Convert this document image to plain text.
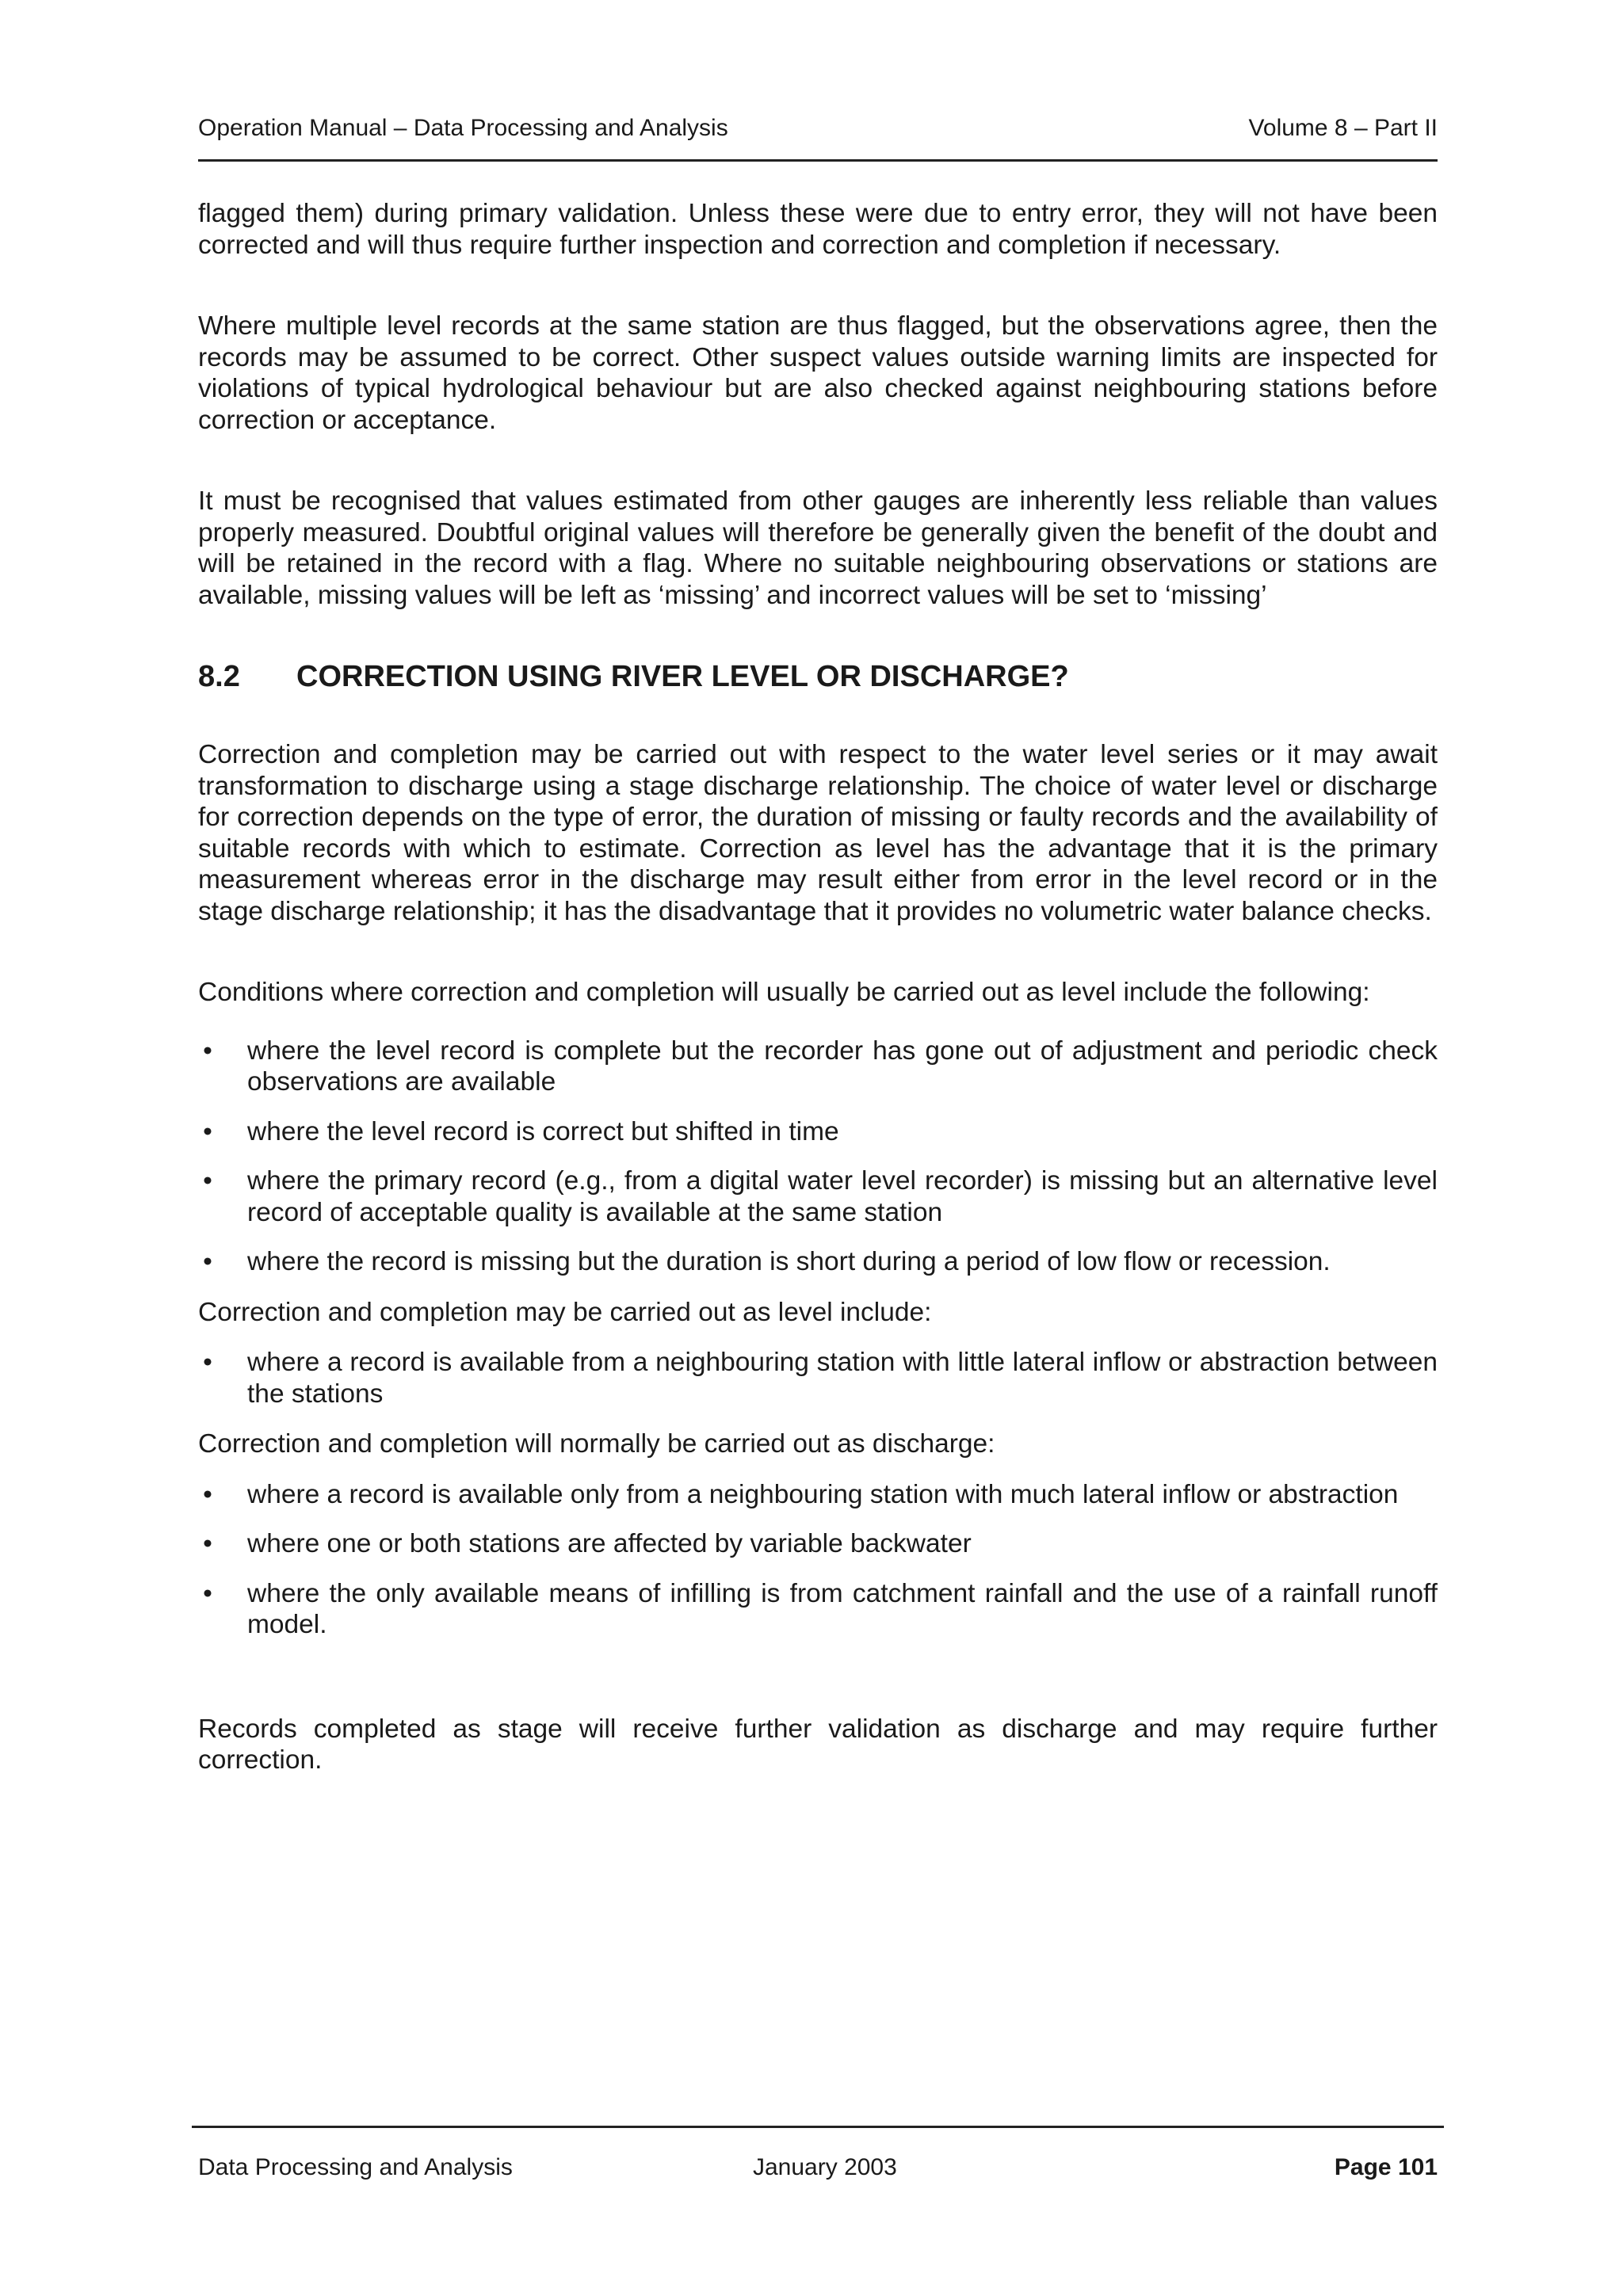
Operation Manual – Data Processing and Analysis	Volume 8 – Part II

flagged them) during primary validation. Unless these were due to entry error, they will not have been corrected and will thus require further inspection and correction and completion if necessary.

Where multiple level records at the same station are thus flagged, but the observations agree, then the records may be assumed to be correct. Other suspect values outside warning limits are inspected for violations of typical hydrological behaviour but are also checked against neighbouring stations before correction or acceptance.

It must be recognised that values estimated from other gauges are inherently less reliable than values properly measured. Doubtful original values will therefore be generally given the benefit of the doubt and will be retained in the record with a flag. Where no suitable neighbouring observations or stations are available, missing values will be left as ‘missing’ and incorrect values will be set to ‘missing’

8.2	CORRECTION USING RIVER LEVEL OR DISCHARGE?

Correction and completion may be carried out with respect to the water level series or it may await transformation to discharge using a stage discharge relationship. The choice of water level or discharge for correction depends on the type of error, the duration of missing or faulty records and the availability of suitable records with which to estimate. Correction as level has the advantage that it is the primary measurement whereas error in the discharge may result either from error in the level record or in the stage discharge relationship; it has the disadvantage that it provides no volumetric water balance checks.

Conditions where correction and completion will usually be carried out as level include the following:

• where the level record is complete but the recorder has gone out of adjustment and periodic check observations are available
• where the level record is correct but shifted in time
• where the primary record (e.g., from a digital water level recorder) is missing but an alternative level record of acceptable quality is available at the same station
• where the record is missing but the duration is short during a period of low flow or recession.

Correction and completion may be carried out as level include:

• where a record is available from a neighbouring station with little lateral inflow or abstraction between the stations

Correction and completion will normally be carried out as discharge:

• where a record is available only from a neighbouring station with much lateral inflow or abstraction
• where one or both stations are affected by variable backwater
• where the only available means of infilling is from catchment rainfall and the use of a rainfall runoff model.

Records completed as stage will receive further validation as discharge and may require further correction.

Data Processing and Analysis	January 2003	Page 101
